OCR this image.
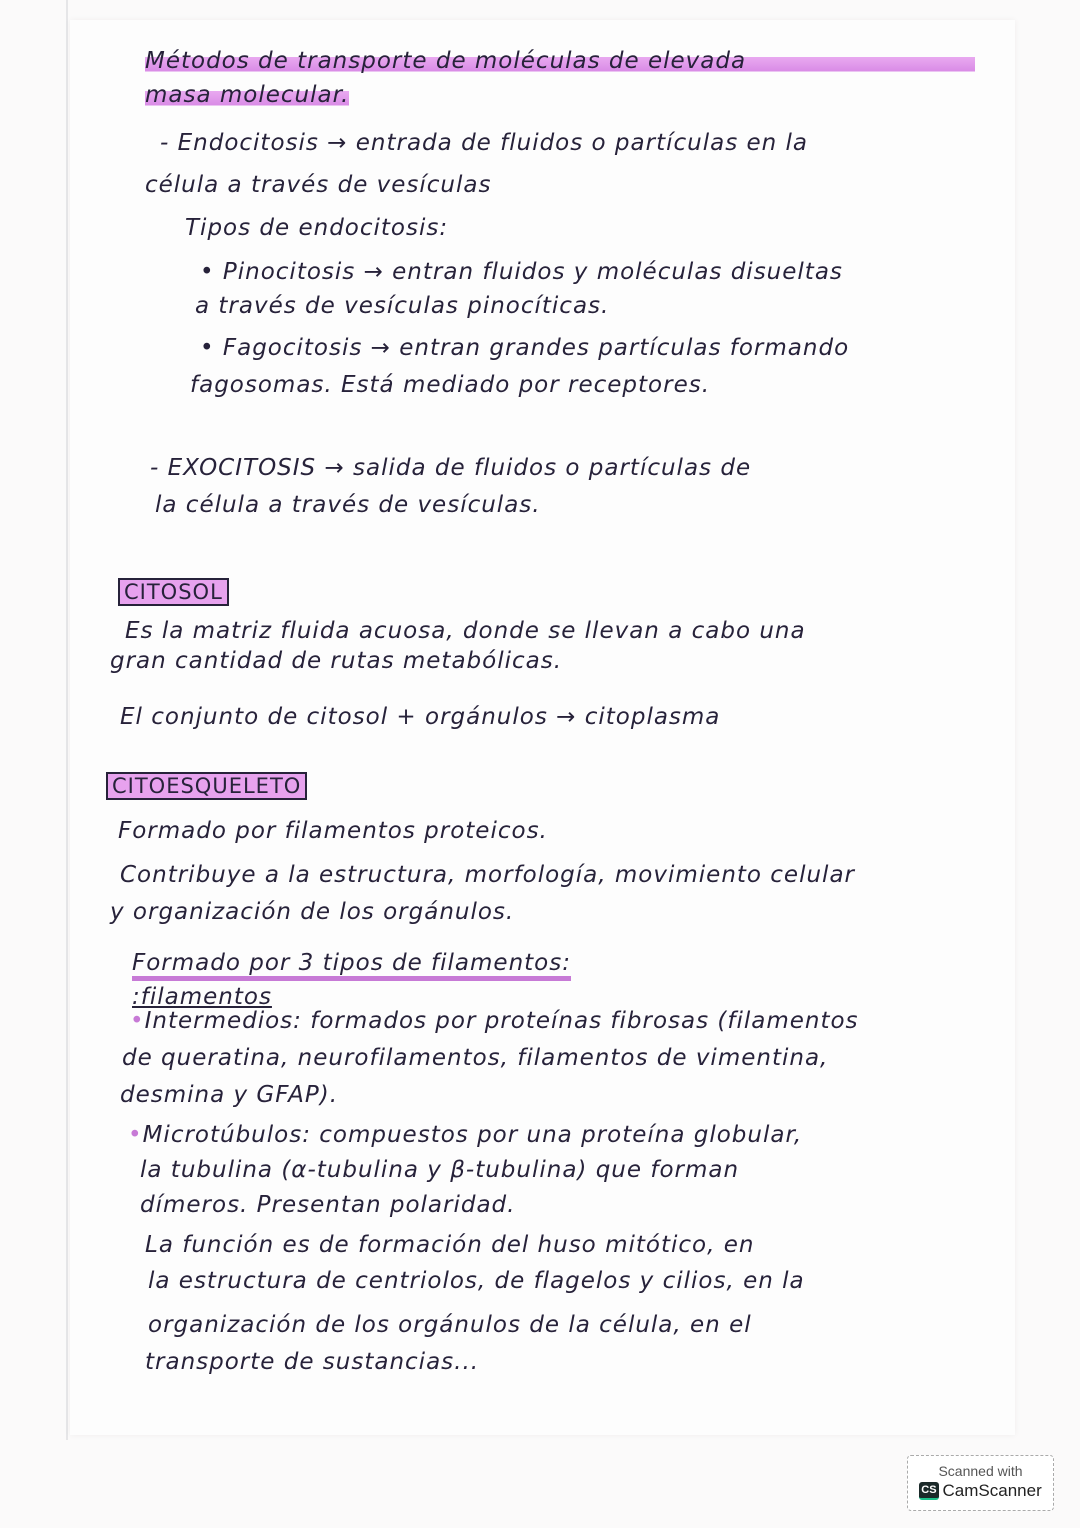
Métodos de transporte de moléculas de elevada
masa molecular.
- Endocitosis → entrada de fluidos o partículas en la
célula a través de vesículas
Tipos de endocitosis:
• Pinocitosis → entran fluidos y moléculas disueltas
a través de vesículas pinocíticas.
• Fagocitosis → entran grandes partículas formando
fagosomas. Está mediado por receptores.
- EXOCITOSIS → salida de fluidos o partículas de
la célula a través de vesículas.
CITOSOL
Es la matriz fluida acuosa, donde se llevan a cabo una
gran cantidad de rutas metabólicas.
El conjunto de citosol + orgánulos → citoplasma
CITOESQUELETO
Formado por filamentos proteicos.
Contribuye a la estructura, morfología, movimiento celular
y organización de los orgánulos.
Formado por 3 tipos de filamentos:
:filamentos
•Intermedios: formados por proteínas fibrosas (filamentos
de queratina, neurofilamentos, filamentos de vimentina,
desmina y GFAP).
•Microtúbulos: compuestos por una proteína globular,
la tubulina (α-tubulina y β-tubulina) que forman
dímeros. Presentan polaridad.
La función es de formación del huso mitótico, en
la estructura de centriolos, de flagelos y cilios, en la
organización de los orgánulos de la célula, en el
transporte de sustancias...
Scanned with
CS CamScanner
